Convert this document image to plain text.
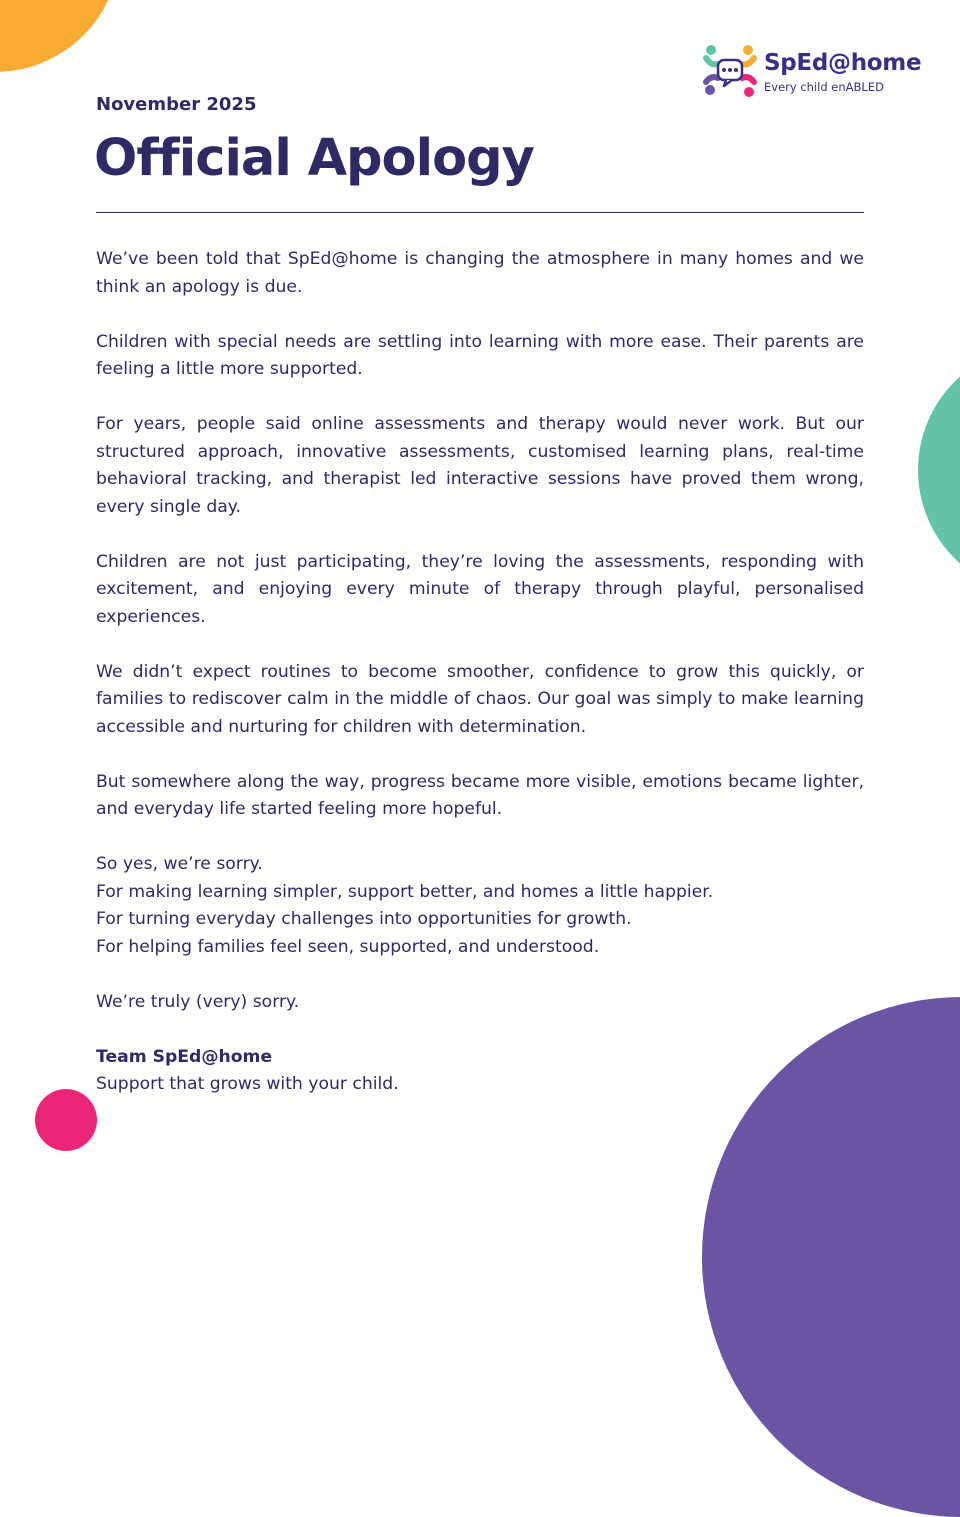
SpEd@home
Every child enABLED
November 2025
Official Apology

We’ve been told that SpEd@home is changing the atmosphere in many homes and we think an apology is due.

Children with special needs are settling into learning with more ease. Their parents are feeling a little more supported.

For years, people said online assessments and therapy would never work. But our structured approach, innovative assessments, customised learning plans, real-time behavioral tracking, and therapist led interactive sessions have proved them wrong, every single day.

Children are not just participating, they’re loving the assessments, responding with excitement, and enjoying every minute of therapy through playful, personalised experiences.

We didn’t expect routines to become smoother, confidence to grow this quickly, or families to rediscover calm in the middle of chaos. Our goal was simply to make learning accessible and nurturing for children with determination.

But somewhere along the way, progress became more visible, emotions became lighter, and everyday life started feeling more hopeful.

So yes, we’re sorry.
For making learning simpler, support better, and homes a little happier.
For turning everyday challenges into opportunities for growth.
For helping families feel seen, supported, and understood.

We’re truly (very) sorry.

Team SpEd@home
Support that grows with your child.
